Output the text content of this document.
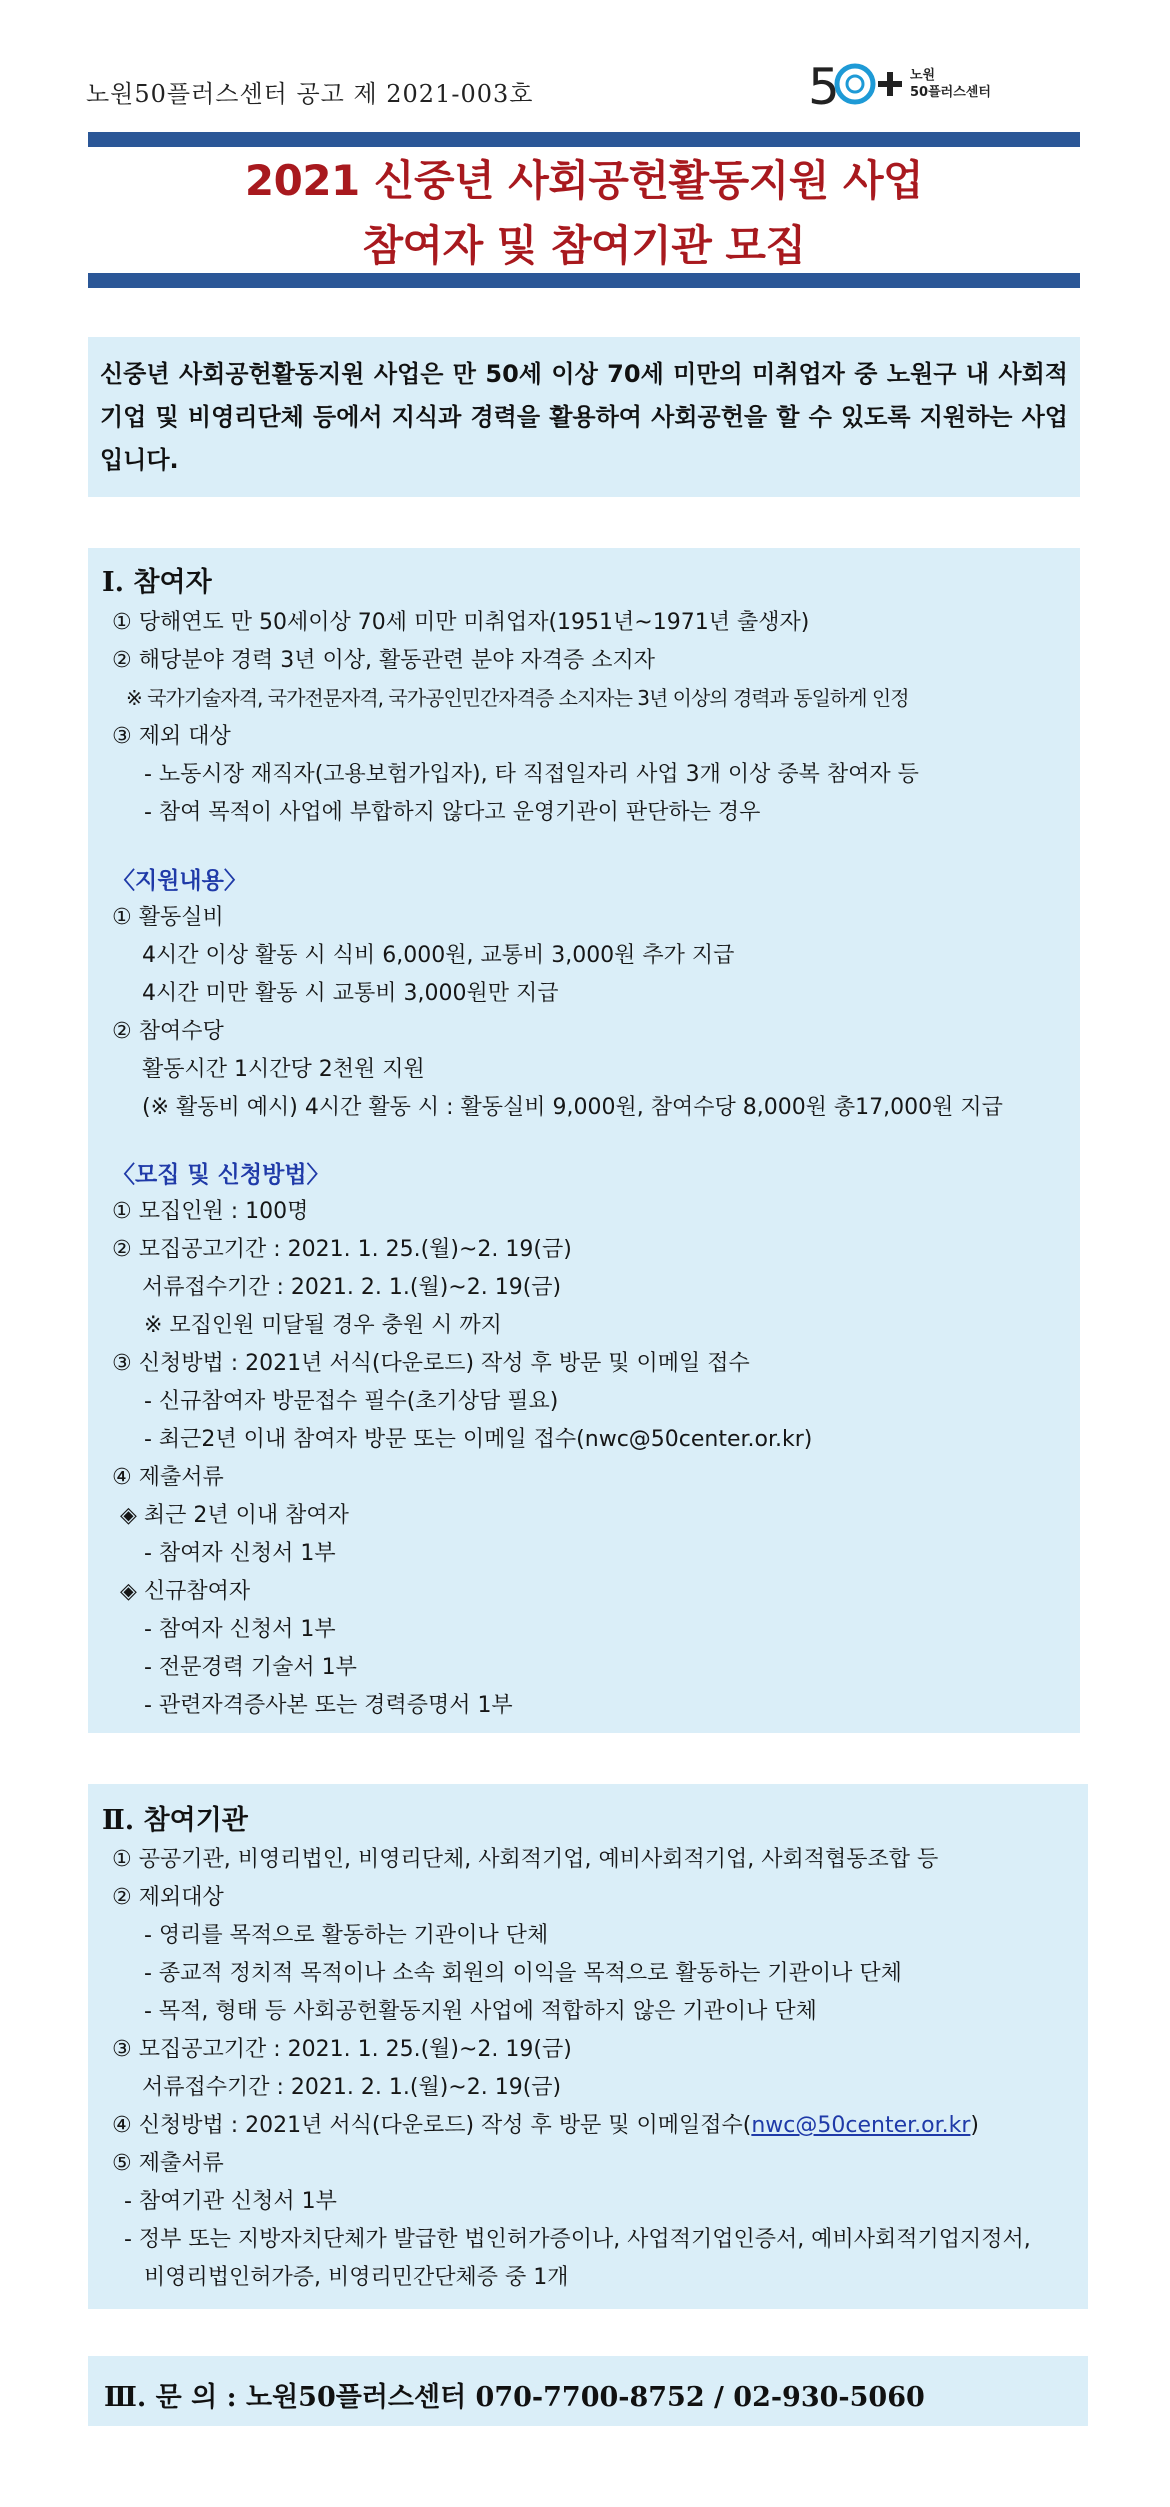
노원50플러스센터 공고 제 2021-003호	5	노원
50플러스센터
2021 신중년 사회공헌활동지원 사업
참여자 및 참여기관 모집
신중년 사회공헌활동지원 사업은 만 50세 이상 70세 미만의 미취업자 중 노원구 내 사회적 기업 및 비영리단체 등에서 지식과 경력을 활용하여 사회공헌을 할 수 있도록 지원하는 사업입니다.
Ⅰ. 참여자
① 당해연도 만 50세이상 70세 미만 미취업자(1951년~1971년 출생자)
② 해당분야 경력 3년 이상, 활동관련 분야 자격증 소지자
※ 국가기술자격, 국가전문자격, 국가공인민간자격증 소지자는 3년 이상의 경력과 동일하게 인정
③ 제외 대상
- 노동시장 재직자(고용보험가입자), 타 직접일자리 사업 3개 이상 중복 참여자 등
- 참여 목적이 사업에 부합하지 않다고 운영기관이 판단하는 경우
〈지원내용〉
① 활동실비
4시간 이상 활동 시 식비 6,000원, 교통비 3,000원 추가 지급
4시간 미만 활동 시 교통비 3,000원만 지급
② 참여수당
활동시간 1시간당 2천원 지원
(※ 활동비 예시) 4시간 활동 시 : 활동실비 9,000원, 참여수당 8,000원 총17,000원 지급
〈모집 및 신청방법〉
① 모집인원 : 100명
② 모집공고기간 : 2021. 1. 25.(월)~2. 19(금)
서류접수기간 : 2021. 2. 1.(월)~2. 19(금)
※ 모집인원 미달될 경우 충원 시 까지
③ 신청방법 : 2021년 서식(다운로드) 작성 후 방문 및 이메일 접수
- 신규참여자 방문접수 필수(초기상담 필요)
- 최근2년 이내 참여자 방문 또는 이메일 접수(nwc@50center.or.kr)
④ 제출서류
◈ 최근 2년 이내 참여자
- 참여자 신청서 1부
◈ 신규참여자
- 참여자 신청서 1부
- 전문경력 기술서 1부
- 관련자격증사본 또는 경력증명서 1부
Ⅱ. 참여기관
① 공공기관, 비영리법인, 비영리단체, 사회적기업, 예비사회적기업, 사회적협동조합 등
② 제외대상
- 영리를 목적으로 활동하는 기관이나 단체
- 종교적 정치적 목적이나 소속 회원의 이익을 목적으로 활동하는 기관이나 단체
- 목적, 형태 등 사회공헌활동지원 사업에 적합하지 않은 기관이나 단체
③ 모집공고기간 : 2021. 1. 25.(월)~2. 19(금)
서류접수기간 : 2021. 2. 1.(월)~2. 19(금)
④ 신청방법 : 2021년 서식(다운로드) 작성 후 방문 및 이메일접수(nwc@50center.or.kr)
⑤ 제출서류
- 참여기관 신청서 1부
- 정부 또는 지방자치단체가 발급한 법인허가증이나, 사업적기업인증서, 예비사회적기업지정서,
비영리법인허가증, 비영리민간단체증 중 1개
Ⅲ. 문 의 : 노원50플러스센터 070-7700-8752 / 02-930-5060
